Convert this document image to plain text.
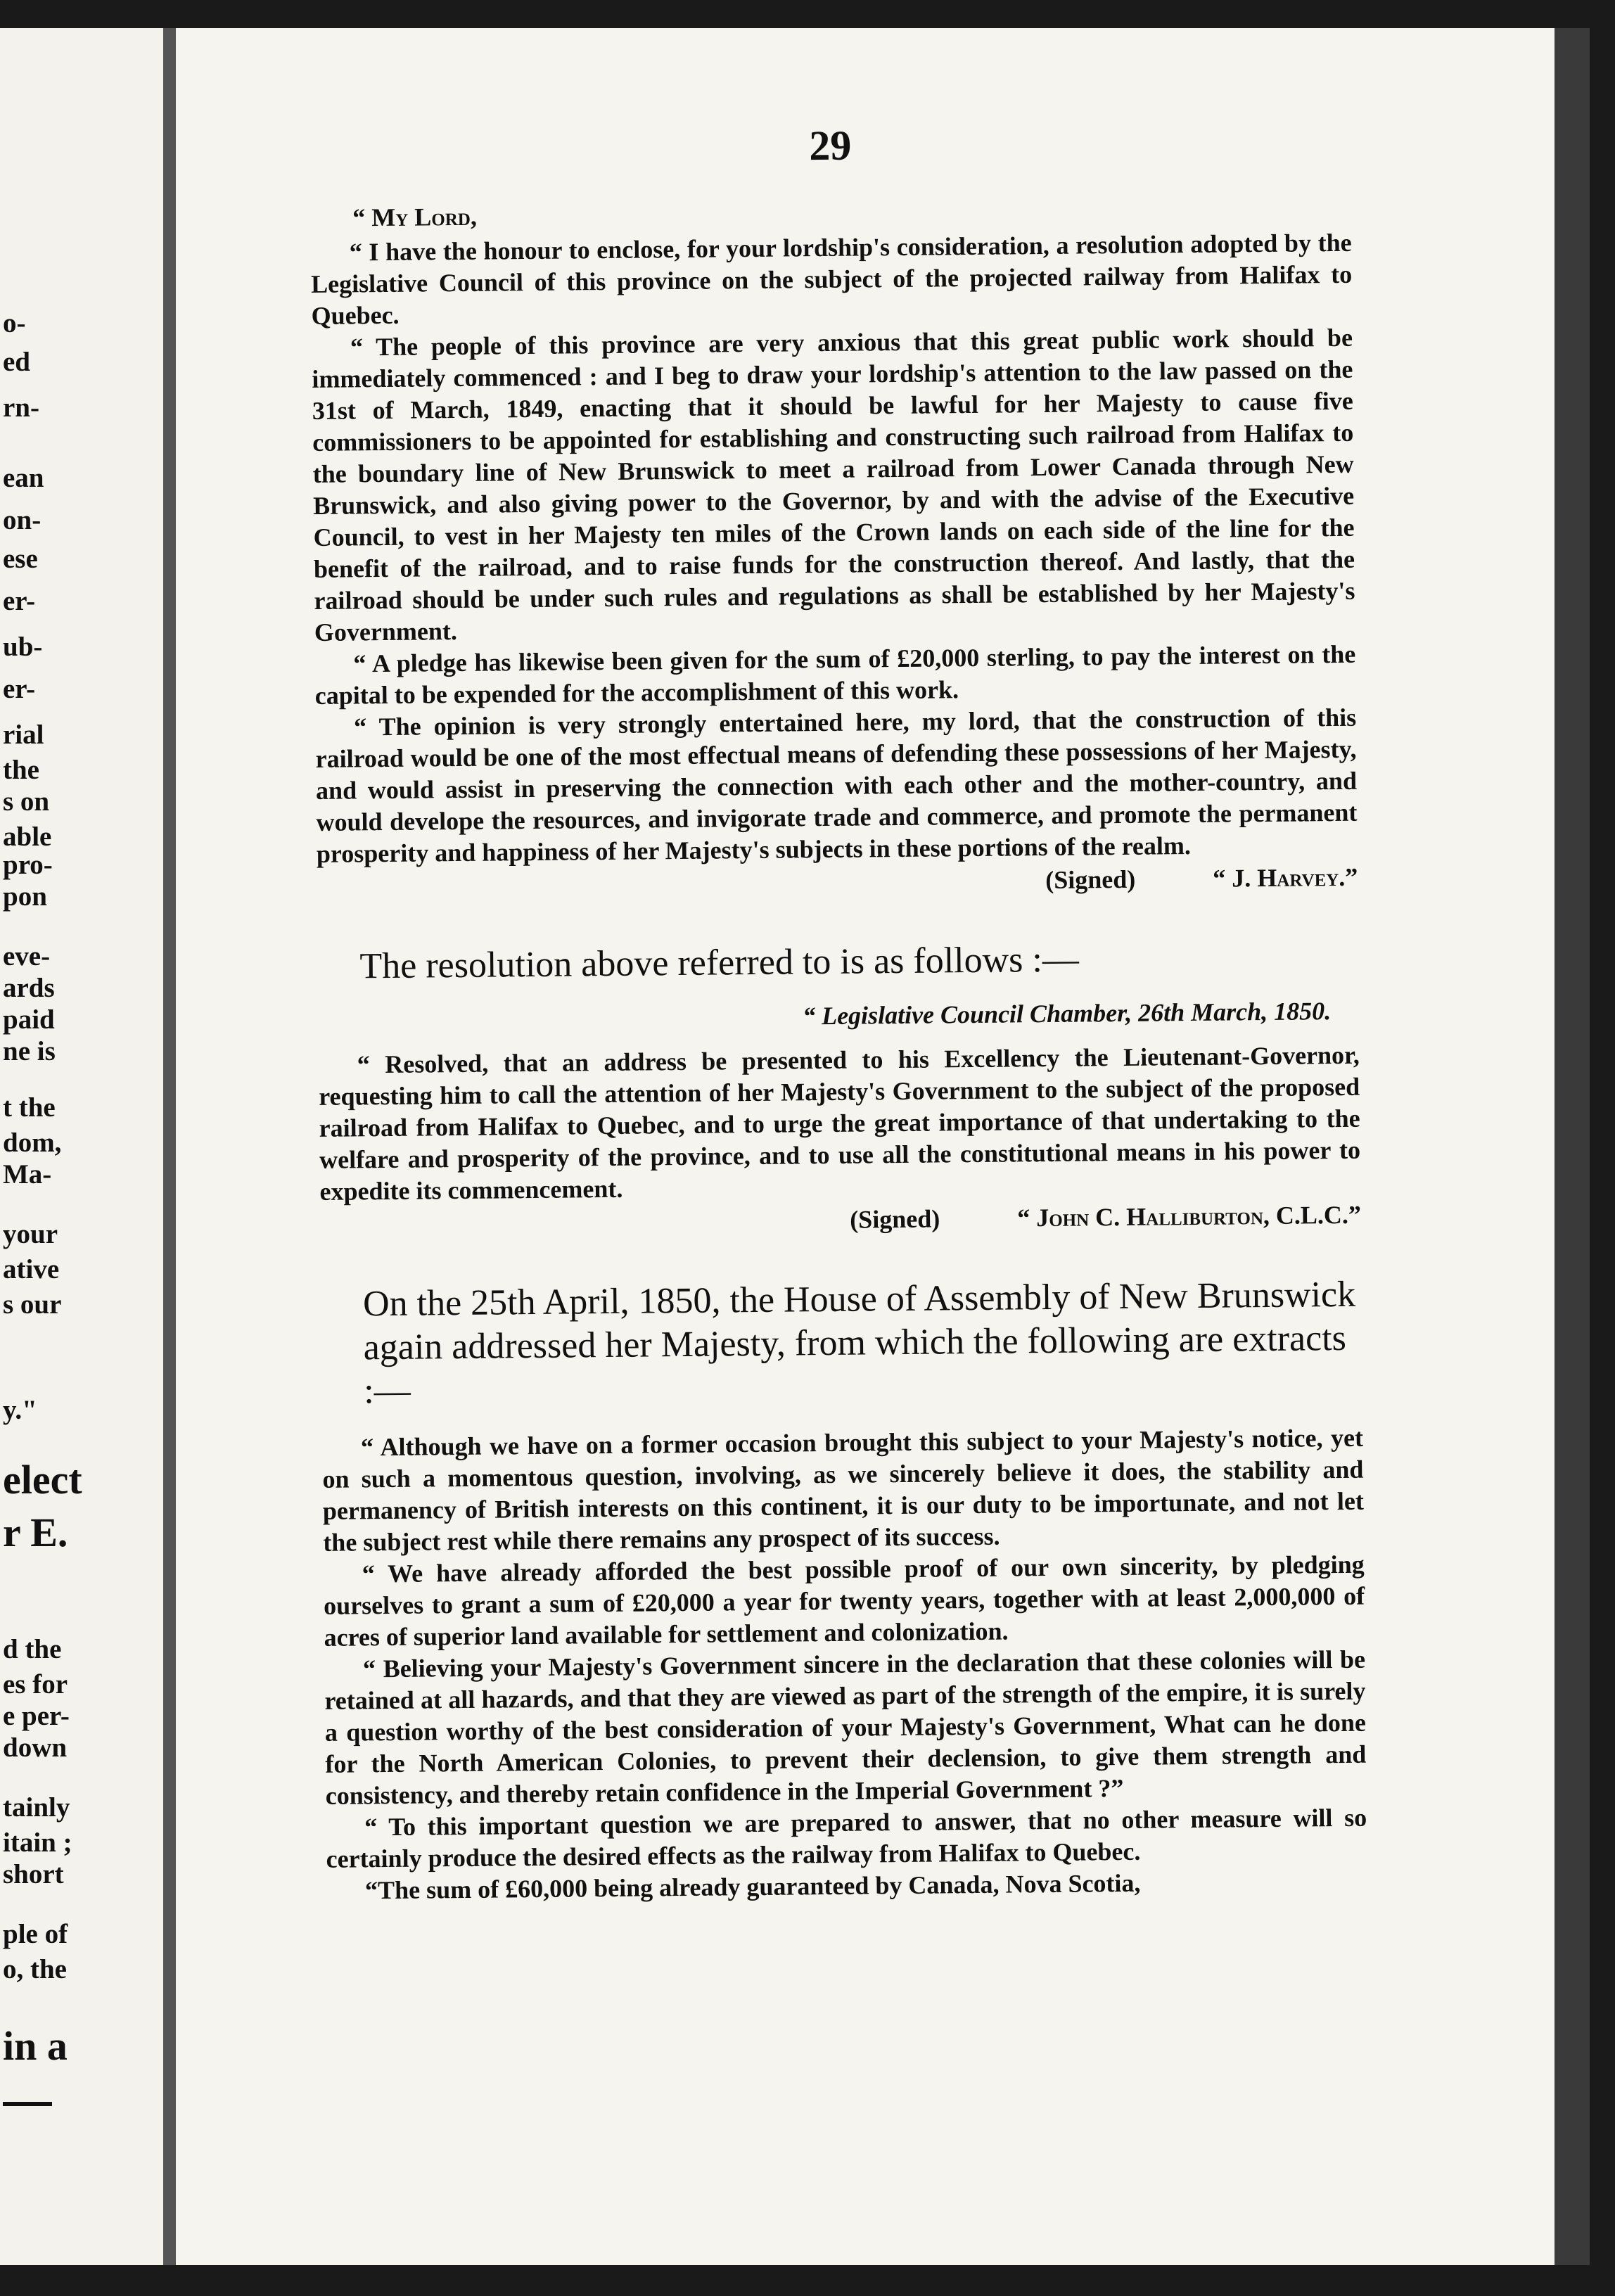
o-
ed
rn-
ean
on-
ese
er-
ub-
er-
rial
the
s on
able
pro-
pon
eve-
ards
paid
ne is
t the
dom,
Ma-
your
ative
s our
y."
elect
r E.
d the
es for
e per-
down
tainly
itain ;
short
ple of
o, the
in a
29
“ My Lord,

“ I have the honour to enclose, for your lordship's consideration, a resolution adopted by the Legislative Council of this province on the subject of the projected railway from Halifax to Quebec.

“ The people of this province are very anxious that this great public work should be immediately commenced : and I beg to draw your lordship's attention to the law passed on the 31st of March, 1849, enacting that it should be lawful for her Majesty to cause five commissioners to be appointed for establishing and constructing such railroad from Halifax to the boundary line of New Brunswick to meet a railroad from Lower Canada through New Brunswick, and also giving power to the Governor, by and with the advise of the Executive Council, to vest in her Majesty ten miles of the Crown lands on each side of the line for the benefit of the railroad, and to raise funds for the construction thereof. And lastly, that the railroad should be under such rules and regulations as shall be established by her Majesty's Government.

“ A pledge has likewise been given for the sum of £20,000 sterling, to pay the interest on the capital to be expended for the accomplishment of this work.

“ The opinion is very strongly entertained here, my lord, that the construction of this railroad would be one of the most effectual means of defending these possessions of her Majesty, and would assist in preserving the connection with each other and the mother-country, and would develope the resources, and invigorate trade and commerce, and promote the permanent prosperity and happiness of her Majesty's subjects in these portions of the realm.

(Signed)	“ J. Harvey.”
The resolution above referred to is as follows :—
“ Legislative Council Chamber, 26th March, 1850.

“ Resolved, that an address be presented to his Excellency the Lieutenant-Governor, requesting him to call the attention of her Majesty's Government to the subject of the proposed railroad from Halifax to Quebec, and to urge the great importance of that undertaking to the welfare and prosperity of the province, and to use all the constitutional means in his power to expedite its commencement.

(Signed)	“ John C. Halliburton, C.L.C.”
On the 25th April, 1850, the House of Assembly of New Brunswick again addressed her Majesty, from which the following are extracts :—

“ Although we have on a former occasion brought this subject to your Majesty's notice, yet on such a momentous question, involving, as we sincerely believe it does, the stability and permanency of British interests on this continent, it is our duty to be importunate, and not let the subject rest while there remains any prospect of its success.

“ We have already afforded the best possible proof of our own sincerity, by pledging ourselves to grant a sum of £20,000 a year for twenty years, together with at least 2,000,000 of acres of superior land available for settlement and colonization.

“ Believing your Majesty's Government sincere in the declaration that these colonies will be retained at all hazards, and that they are viewed as part of the strength of the empire, it is surely a question worthy of the best consideration of your Majesty's Government, What can he done for the North American Colonies, to prevent their declension, to give them strength and consistency, and thereby retain confidence in the Imperial Government ?”

“ To this important question we are prepared to answer, that no other measure will so certainly produce the desired effects as the railway from Halifax to Quebec.

“The sum of £60,000 being already guaranteed by Canada, Nova Scotia,
